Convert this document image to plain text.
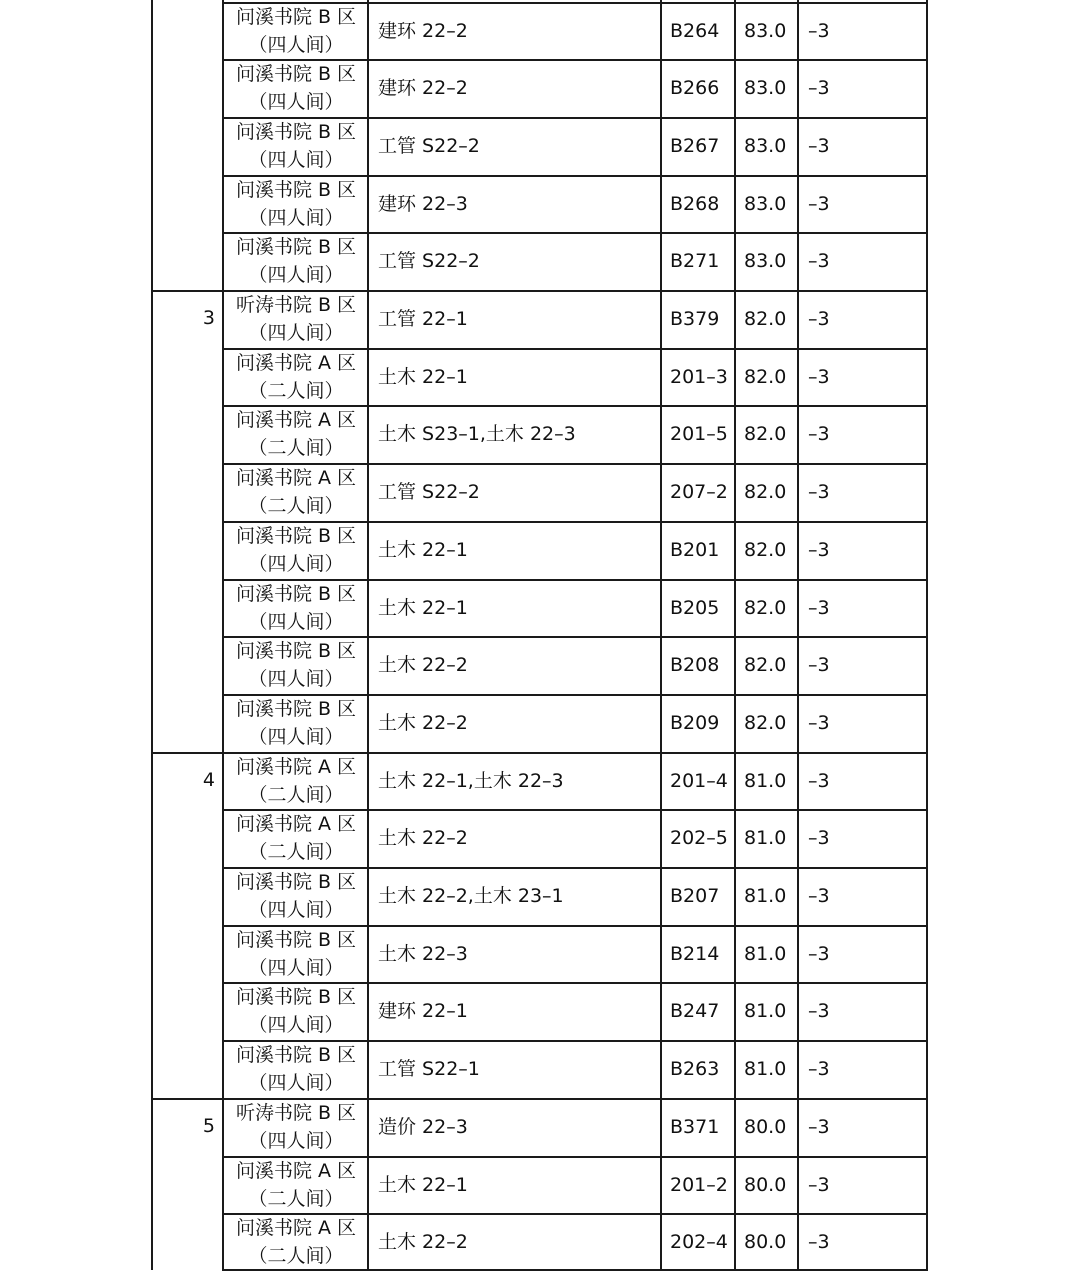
问溪书院 B 区
（四人间）
建环 22–2	B264 83.0 –3
问溪书院 B 区
（四人间）
建环 22–2	B266 83.0 –3
问溪书院 B 区
（四人间）
工管 S22–2	B267 83.0 –3
问溪书院 B 区
（四人间）
建环 22–3	B268 83.0 –3
问溪书院 B 区
（四人间）
工管 S22–2	B271 83.0 –3
3
听涛书院 B 区
（四人间）
工管 22–1	B379 82.0 –3
问溪书院 A 区
（二人间）
土木 22–1	201–3 82.0 –3
问溪书院 A 区
（二人间）
土木 S23–1,土木 22–3	201–5 82.0 –3
问溪书院 A 区
（二人间）
工管 S22–2	207–2 82.0 –3
问溪书院 B 区
（四人间）
土木 22–1	B201 82.0 –3
问溪书院 B 区
（四人间）
土木 22–1	B205 82.0 –3
问溪书院 B 区
（四人间）
土木 22–2	B208 82.0 –3
问溪书院 B 区
（四人间）
土木 22–2	B209 82.0 –3
4
问溪书院 A 区
（二人间）
土木 22–1,土木 22–3	201–4 81.0 –3
问溪书院 A 区
（二人间）
土木 22–2	202–5 81.0 –3
问溪书院 B 区
（四人间）
土木 22–2,土木 23–1	B207 81.0 –3
问溪书院 B 区
（四人间）
土木 22–3	B214 81.0 –3
问溪书院 B 区
（四人间）
建环 22–1	B247 81.0 –3
问溪书院 B 区
（四人间）
工管 S22–1	B263 81.0 –3
5
听涛书院 B 区
（四人间）
造价 22–3	B371 80.0 –3
问溪书院 A 区
（二人间）
土木 22–1	201–2 80.0 –3
问溪书院 A 区
（二人间）
土木 22–2	202–4 80.0 –3
